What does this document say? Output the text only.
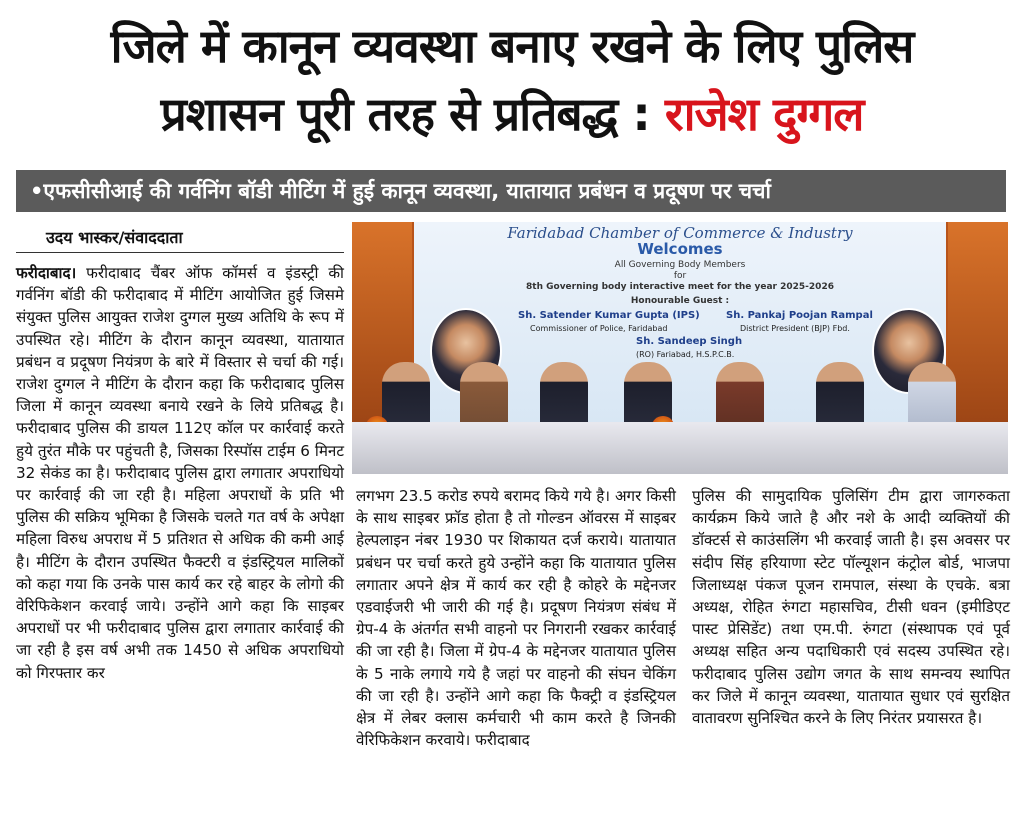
जिले में कानून व्यवस्था बनाए रखने के लिए पुलिस
प्रशासन पूरी तरह से प्रतिबद्ध : राजेश दुग्गल
•एफसीसीआई की गर्वनिंग बॉडी मीटिंग में हुई कानून व्यवस्था, यातायात प्रबंधन व प्रदूषण पर चर्चा
उदय भास्कर/संवाददाता	Faridabad Chamber of Commerce & Industry
Welcomes
All Governing Body Members
for
8th Governing body interactive meet for the year 2025-2026
Honourable Guest :
Sh. Satender Kumar Gupta (IPS)
Commissioner of Police, Faridabad
Sh. Pankaj Poojan Rampal
District President (BJP) Fbd.
Sh. Sandeep Singh
(RO) Fariabad, H.S.P.C.B.

फरीदाबाद। फरीदाबाद चैंबर ऑफ कॉमर्स व इंडस्ट्री की गर्वनिंग बॉडी की फरीदाबाद में मीटिंग आयोजित हुई जिसमे संयुक्त पुलिस आयुक्त राजेश दुग्गल मुख्य अतिथि के रूप में उपस्थित रहे। मीटिंग के दौरान कानून व्यवस्था, यातायात प्रबंधन व प्रदूषण नियंत्रण के बारे में विस्तार से चर्चा की गई। राजेश दुग्गल ने मीटिंग के दौरान कहा कि फरीदाबाद पुलिस जिला में कानून व्यवस्था बनाये रखने के लिये प्रतिबद्ध है। फरीदाबाद पुलिस की डायल 112ए कॉल पर कार्रवाई करते हुये तुरंत मौके पर पहुंचती है, जिसका रिस्पॉस टाईम 6 मिनट 32 सेकंड का है। फरीदाबाद पुलिस द्वारा लगातार अपराधियो पर कार्रवाई की जा रही है। महिला अपराधों के प्रति भी पुलिस की सक्रिय भूमिका है जिसके चलते गत वर्ष के अपेक्षा महिला विरुध अपराध में 5 प्रतिशत से अधिक की कमी आई है। मीटिंग के दौरान उपस्थित फैक्टरी व इंडस्ट्रियल मालिकों को कहा गया कि उनके पास कार्य कर रहे बाहर के लोगो की वेरिफिकेशन करवाई जाये। उन्होंने आगे कहा कि साइबर अपराधों पर भी फरीदाबाद पुलिस द्वारा लगातार कार्रवाई की जा रही है इस वर्ष अभी तक 1450 से अधिक अपराधियो को गिरफ्तार कर

लगभग 23.5 करोड रुपये बरामद किये गये है। अगर किसी के साथ साइबर फ्रॉड होता है तो गोल्डन ऑवरस में साइबर हेल्पलाइन नंबर 1930 पर शिकायत दर्ज कराये। यातायात प्रबंधन पर चर्चा करते हुये उन्होंने कहा कि यातायात पुलिस लगातार अपने क्षेत्र में कार्य कर रही है कोहरे के मद्देनजर एडवाईजरी भी जारी की गई है। प्रदूषण नियंत्रण संबंध में ग्रेप-4 के अंतर्गत सभी वाहनो पर निगरानी रखकर कार्रवाई की जा रही है। जिला में ग्रेप-4 के मद्देनजर यातायात पुलिस के 5 नाके लगाये गये है जहां पर वाहनो की संघन चेकिंग की जा रही है। उन्होंने आगे कहा कि फैक्ट्री व इंडस्ट्रियल क्षेत्र में लेबर क्लास कर्मचारी भी काम करते है जिनकी वेरिफिकेशन करवाये। फरीदाबाद

पुलिस की सामुदायिक पुलिसिंग टीम द्वारा जागरुकता कार्यक्रम किये जाते है और नशे के आदी व्यक्तियों की डॉक्टर्स से काउंसलिंग भी करवाई जाती है। इस अवसर पर संदीप सिंह हरियाणा स्टेट पॉल्यूशन कंट्रोल बोर्ड, भाजपा जिलाध्यक्ष पंकज पूजन रामपाल, संस्था के एचके. बत्रा अध्यक्ष, रोहित रुंगटा महासचिव, टीसी धवन (इमीडिएट पास्ट प्रेसिडेंट) तथा एम.पी. रुंगटा (संस्थापक एवं पूर्व अध्यक्ष सहित अन्य पदाधिकारी एवं सदस्य उपस्थित रहे। फरीदाबाद पुलिस उद्योग जगत के साथ समन्वय स्थापित कर जिले में कानून व्यवस्था, यातायात सुधार एवं सुरक्षित वातावरण सुनिश्चित करने के लिए निरंतर प्रयासरत है।
